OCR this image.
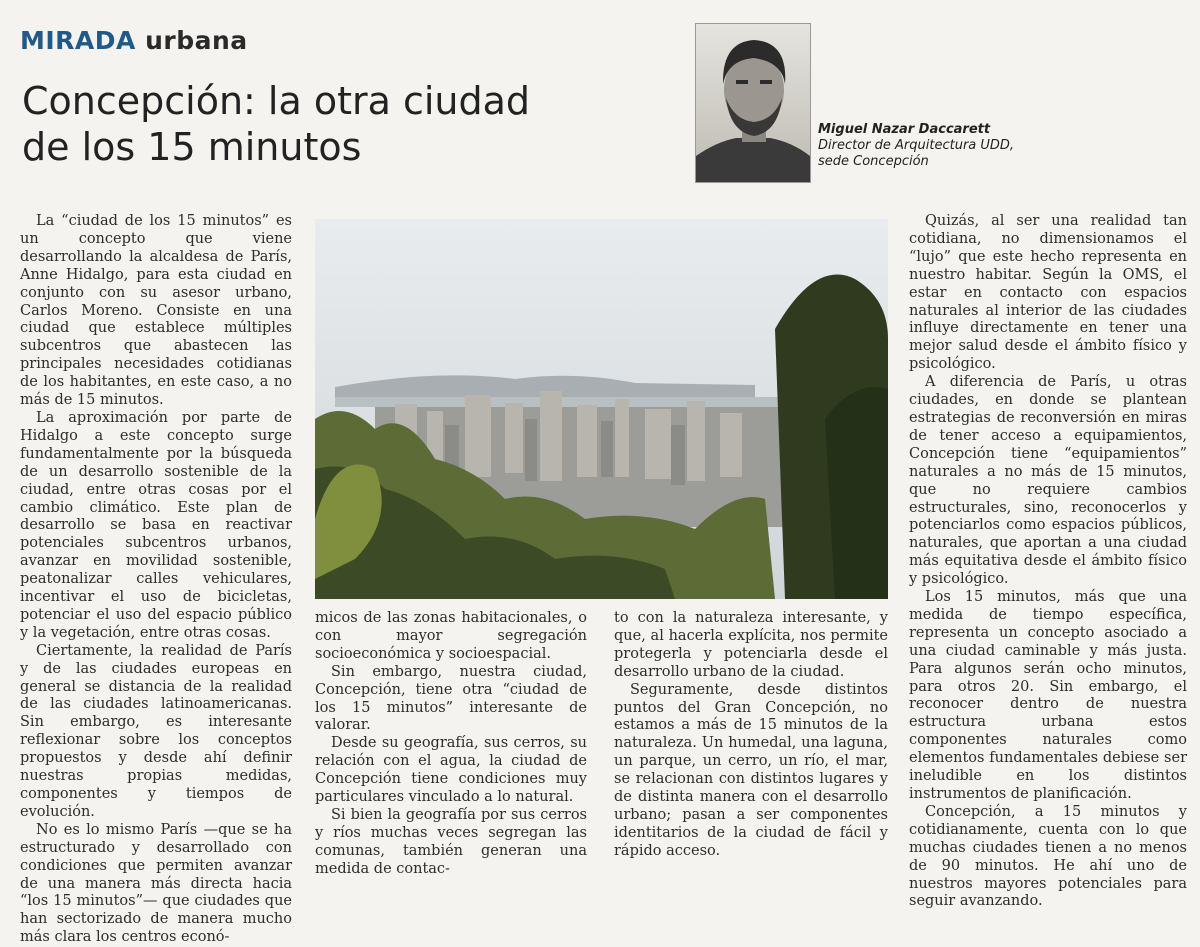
MIRADA urbana
Concepción: la otra ciudad
de los 15 minutos	Miguel Nazar Daccarett
Director de Arquitectura UDD,
sede Concepción

La “ciudad de los 15 minutos” es un concepto que viene desarrollando la alcaldesa de París, Anne Hidalgo, para esta ciudad en conjunto con su asesor urbano, Carlos Moreno. Consiste en una ciudad que establece múltiples subcentros que abastecen las principales necesidades cotidianas de los habitantes, en este caso, a no más de 15 minutos.

La aproximación por parte de Hidalgo a este concepto surge fundamentalmente por la búsqueda de un desarrollo sostenible de la ciudad, entre otras cosas por el cambio climático. Este plan de desarrollo se basa en reactivar potenciales subcentros urbanos, avanzar en movilidad sostenible, peatonalizar calles vehiculares, incentivar el uso de bicicletas, potenciar el uso del espacio público y la vegetación, entre otras cosas.

Ciertamente, la realidad de París y de las ciudades europeas en general se distancia de la realidad de las ciudades latinoamericanas. Sin embargo, es interesante reflexionar sobre los conceptos propuestos y desde ahí definir nuestras propias medidas, componentes y tiempos de evolución.

No es lo mismo París —que se ha estructurado y desarrollado con condiciones que permiten avanzar de una manera más directa hacia “los 15 minutos”— que ciudades que han sectorizado de manera mucho más clara los centros econó-

micos de las zonas habitacionales, o con mayor segregación socioeconómica y socioespacial.

Sin embargo, nuestra ciudad, Concepción, tiene otra “ciudad de los 15 minutos” interesante de valorar.

Desde su geografía, sus cerros, su relación con el agua, la ciudad de Concepción tiene condiciones muy particulares vinculado a lo natural.

Si bien la geografía por sus cerros y ríos muchas veces segregan las comunas, también generan una medida de contac-

to con la naturaleza interesante, y que, al hacerla explícita, nos permite protegerla y potenciarla desde el desarrollo urbano de la ciudad.

Seguramente, desde distintos puntos del Gran Concepción, no estamos a más de 15 minutos de la naturaleza. Un humedal, una laguna, un parque, un cerro, un río, el mar, se relacionan con distintos lugares y de distinta manera con el desarrollo urbano; pasan a ser componentes identitarios de la ciudad de fácil y rápido acceso.

Quizás, al ser una realidad tan cotidiana, no dimensionamos el “lujo” que este hecho representa en nuestro habitar. Según la OMS, el estar en contacto con espacios naturales al interior de las ciudades influye directamente en tener una mejor salud desde el ámbito físico y psicológico.

A diferencia de París, u otras ciudades, en donde se plantean estrategias de reconversión en miras de tener acceso a equipamientos, Concepción tiene “equipamientos” naturales a no más de 15 minutos, que no requiere cambios estructurales, sino, reconocerlos y potenciarlos como espacios públicos, naturales, que aportan a una ciudad más equitativa desde el ámbito físico y psicológico.

Los 15 minutos, más que una medida de tiempo específica, representa un concepto asociado a una ciudad caminable y más justa. Para algunos serán ocho minutos, para otros 20. Sin embargo, el reconocer dentro de nuestra estructura urbana estos componentes naturales como elementos fundamentales debiese ser ineludible en los distintos instrumentos de planificación.

Concepción, a 15 minutos y cotidianamente, cuenta con lo que muchas ciudades tienen a no menos de 90 minutos. He ahí uno de nuestros mayores potenciales para seguir avanzando.
